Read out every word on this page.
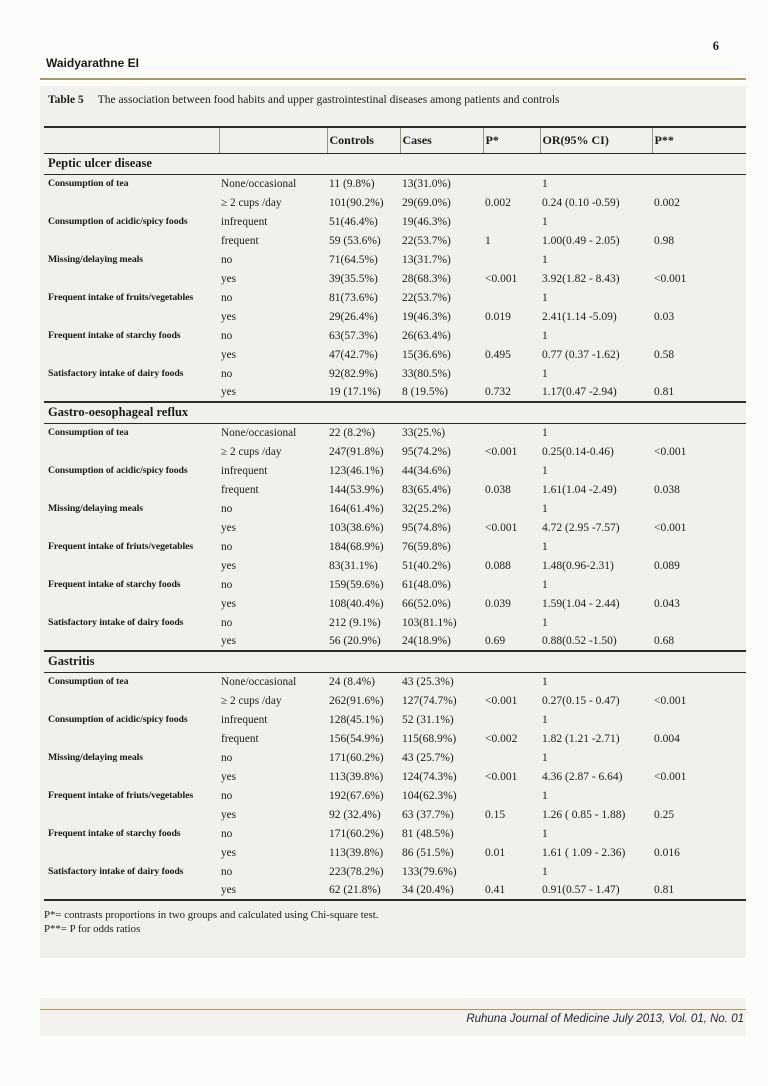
Waidyarathne EI
6
Table 5 The association between food habits and upper gastrointestinal diseases among patients and controls
		Controls	Cases	P*	OR(95% CI)	P**
Peptic ulcer disease						
Consumption of tea	None/occasional	11 (9.8%)	13(31.0%)		1	
	≥ 2 cups /day	101(90.2%)	29(69.0%)	0.002	0.24 (0.10 -0.59)	0.002
Consumption of acidic/spicy foods	infrequent	51(46.4%)	19(46.3%)		1	
	frequent	59 (53.6%)	22(53.7%)	1	1.00(0.49 - 2.05)	0.98
Missing/delaying meals	no	71(64.5%)	13(31.7%)		1	
	yes	39(35.5%)	28(68.3%)	<0.001	3.92(1.82 - 8.43)	<0.001
Frequent intake of fruits/vegetables	no	81(73.6%)	22(53.7%)		1	
	yes	29(26.4%)	19(46.3%)	0.019	2.41(1.14 -5.09)	0.03
Frequent intake of starchy foods	no	63(57.3%)	26(63.4%)		1	
	yes	47(42.7%)	15(36.6%)	0.495	0.77 (0.37 -1.62)	0.58
Satisfactory intake of dairy foods	no	92(82.9%)	33(80.5%)		1	
	yes	19 (17.1%)	8 (19.5%)	0.732	1.17(0.47 -2.94)	0.81
Gastro-oesophageal reflux						
Consumption of tea	None/occasional	22 (8.2%)	33(25.%)		1	
	≥ 2 cups /day	247(91.8%)	95(74.2%)	<0.001	0.25(0.14-0.46)	<0.001
Consumption of acidic/spicy foods	infrequent	123(46.1%)	44(34.6%)		1	
	frequent	144(53.9%)	83(65.4%)	0.038	1.61(1.04 -2.49)	0.038
Missing/delaying meals	no	164(61.4%)	32(25.2%)		1	
	yes	103(38.6%)	95(74.8%)	<0.001	4.72 (2.95 -7.57)	<0.001
Frequent intake of friuts/vegetables	no	184(68.9%)	76(59.8%)		1	
	yes	83(31.1%)	51(40.2%)	0.088	1.48(0.96-2.31)	0.089
Frequent intake of starchy foods	no	159(59.6%)	61(48.0%)		1	
	yes	108(40.4%)	66(52.0%)	0.039	1.59(1.04 - 2.44)	0.043
Satisfactory intake of dairy foods	no	212 (9.1%)	103(81.1%)		1	
	yes	56 (20.9%)	24(18.9%)	0.69	0.88(0.52 -1.50)	0.68
Gastritis						
Consumption of tea	None/occasional	24 (8.4%)	43 (25.3%)		1	
	≥ 2 cups /day	262(91.6%)	127(74.7%)	<0.001	0.27(0.15 - 0.47)	<0.001
Consumption of acidic/spicy foods	infrequent	128(45.1%)	52 (31.1%)		1	
	frequent	156(54.9%)	115(68.9%)	<0.002	1.82 (1.21 -2.71)	0.004
Missing/delaying meals	no	171(60.2%)	43 (25.7%)		1	
	yes	113(39.8%)	124(74.3%)	<0.001	4.36 (2.87 - 6.64)	<0.001
Frequent intake of friuts/vegetables	no	192(67.6%)	104(62.3%)		1	
	yes	92 (32.4%)	63 (37.7%)	0.15	1.26 ( 0.85 - 1.88)	0.25
Frequent intake of starchy foods	no	171(60.2%)	81 (48.5%)		1	
	yes	113(39.8%)	86 (51.5%)	0.01	1.61 ( 1.09 - 2.36)	0.016
Satisfactory intake of dairy foods	no	223(78.2%)	133(79.6%)		1	
	yes	62 (21.8%)	34 (20.4%)	0.41	0.91(0.57 - 1.47)	0.81
P*= contrasts proportions in two groups and calculated using Chi-square test.
P**= P for odds ratios
Ruhuna Journal of Medicine July 2013, Vol. 01, No. 01
